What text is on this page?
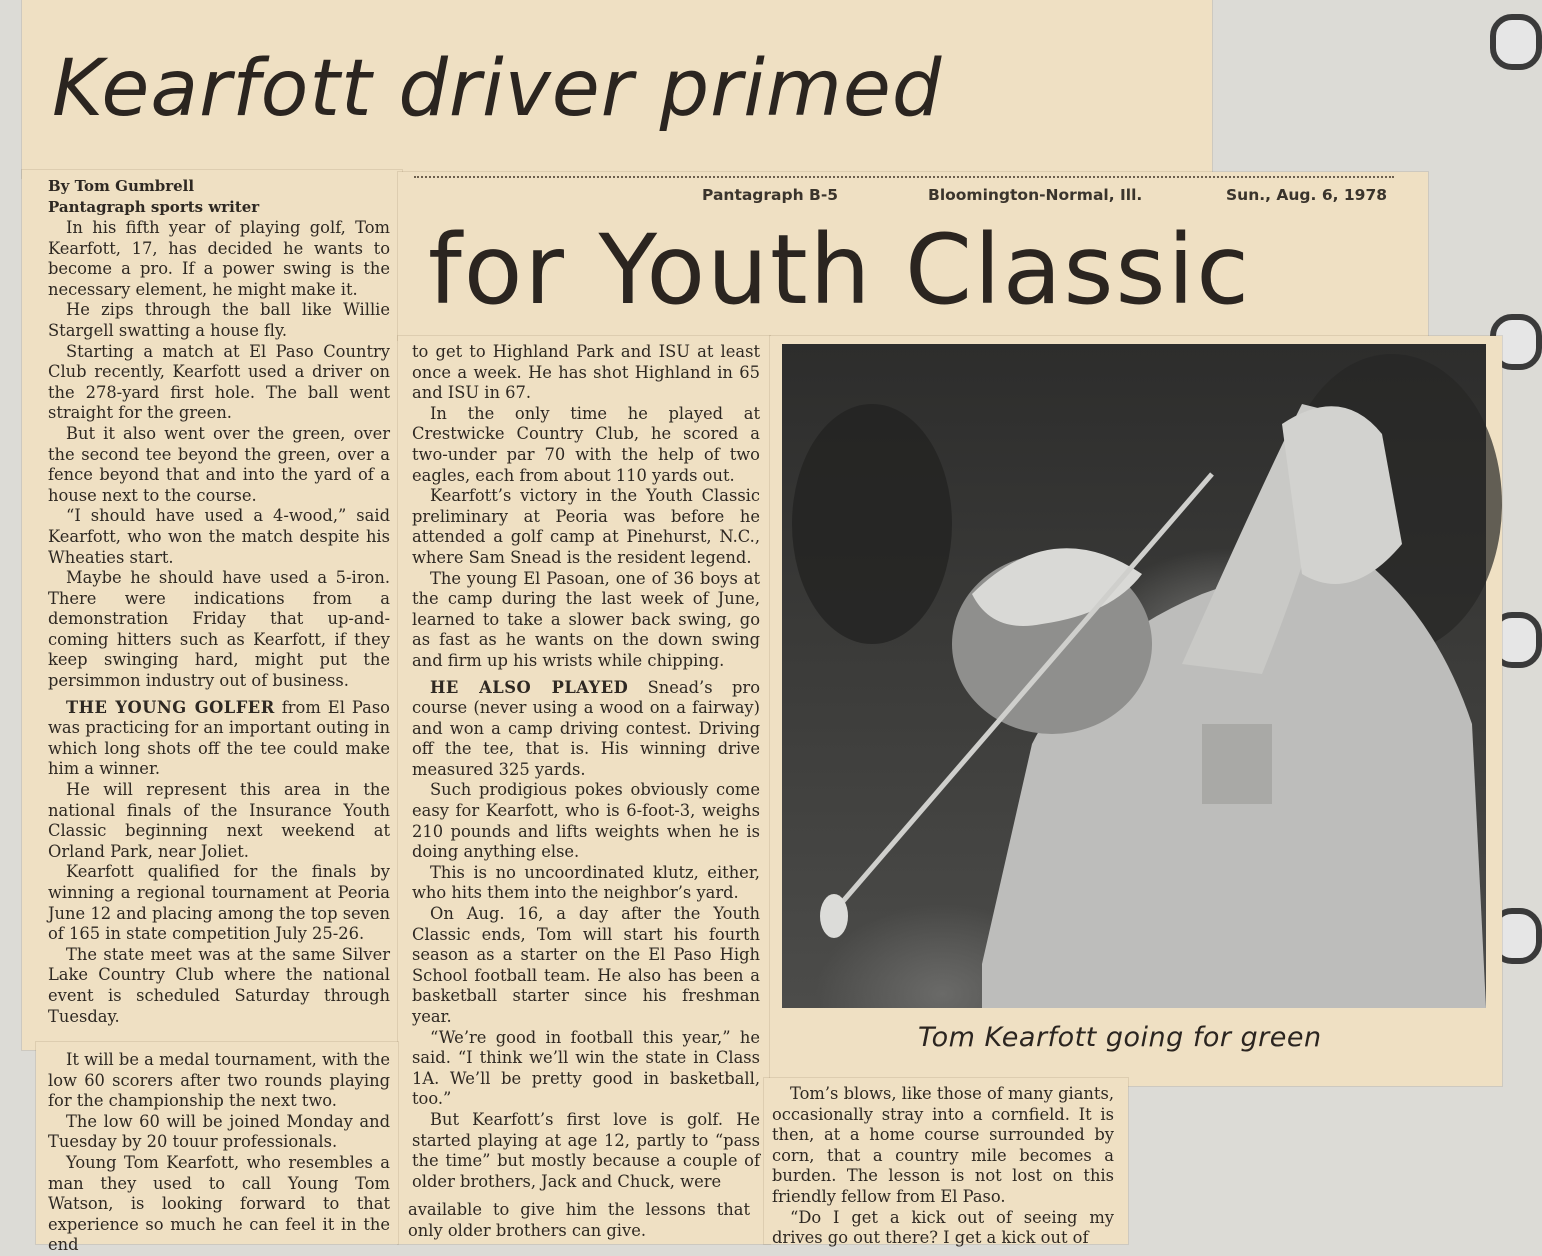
Kearfott driver primed
Pantagraph B-5	Bloomington-Normal, Ill.	Sun., Aug. 6, 1978
for Youth Classic

By Tom Gumbrell

Pantagraph sports writer

In his fifth year of playing golf, Tom Kearfott, 17, has decided he wants to become a pro. If a power swing is the necessary element, he might make it.

He zips through the ball like Willie Stargell swatting a house fly.

Starting a match at El Paso Country Club recently, Kearfott used a driver on the 278-yard first hole. The ball went straight for the green.

But it also went over the green, over the second tee beyond the green, over a fence beyond that and into the yard of a house next to the course.

“I should have used a 4-wood,” said Kearfott, who won the match despite his Wheaties start.

Maybe he should have used a 5-iron. There were indications from a demonstration Friday that up-and-coming hitters such as Kearfott, if they keep swinging hard, might put the persimmon industry out of business.

THE YOUNG GOLFER from El Paso was practicing for an important outing in which long shots off the tee could make him a winner.

He will represent this area in the national finals of the Insurance Youth Classic beginning next weekend at Orland Park, near Joliet.

Kearfott qualified for the finals by winning a regional tournament at Peoria June 12 and placing among the top seven of 165 in state competition July 25-26.

The state meet was at the same Silver Lake Country Club where the national event is scheduled Saturday through Tuesday.

It will be a medal tournament, with the low 60 scorers after two rounds playing for the championship the next two.

The low 60 will be joined Monday and Tuesday by 20 touur professionals.

Young Tom Kearfott, who resembles a man they used to call Young Tom Watson, is looking forward to that experience so much he can feel it in the end

to get to Highland Park and ISU at least once a week. He has shot Highland in 65 and ISU in 67.

In the only time he played at Crestwicke Country Club, he scored a two-under par 70 with the help of two eagles, each from about 110 yards out.

Kearfott’s victory in the Youth Classic preliminary at Peoria was before he attended a golf camp at Pinehurst, N.C., where Sam Snead is the resident legend.

The young El Pasoan, one of 36 boys at the camp during the last week of June, learned to take a slower back swing, go as fast as he wants on the down swing and firm up his wrists while chipping.

HE ALSO PLAYED Snead’s pro course (never using a wood on a fairway) and won a camp driving contest. Driving off the tee, that is. His winning drive measured 325 yards.

Such prodigious pokes obviously come easy for Kearfott, who is 6-foot-3, weighs 210 pounds and lifts weights when he is doing anything else.

This is no uncoordinated klutz, either, who hits them into the neighbor’s yard.

On Aug. 16, a day after the Youth Classic ends, Tom will start his fourth season as a starter on the El Paso High School football team. He also has been a basketball starter since his freshman year.

“We’re good in football this year,” he said. “I think we’ll win the state in Class 1A. We’ll be pretty good in basketball, too.”

But Kearfott’s first love is golf. He started playing at age 12, partly to “pass the time” but mostly because a couple of older brothers, Jack and Chuck, were

available to give him the lessons that only older brothers can give.

Tom Kearfott going for green

Tom’s blows, like those of many giants, occasionally stray into a cornfield. It is then, at a home course surrounded by corn, that a country mile becomes a burden. The lesson is not lost on this friendly fellow from El Paso.

“Do I get a kick out of seeing my drives go out there? I get a kick out of
